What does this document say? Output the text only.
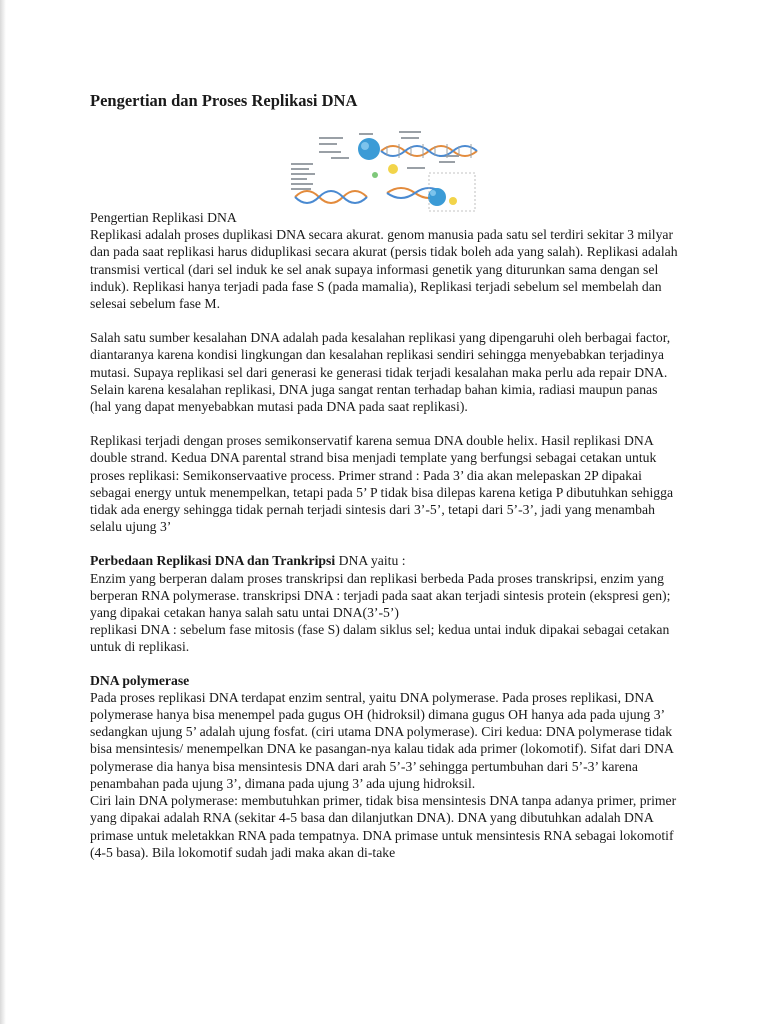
Pengertian dan Proses Replikasi DNA

Pengertian Replikasi DNA

Replikasi adalah proses duplikasi DNA secara akurat. genom manusia pada satu sel terdiri sekitar 3 milyar dan pada saat replikasi harus diduplikasi secara akurat (persis tidak boleh ada yang salah). Replikasi adalah transmisi vertical (dari sel induk ke sel anak supaya informasi genetik yang diturunkan sama dengan sel induk). Replikasi hanya terjadi pada fase S (pada mamalia), Replikasi terjadi sebelum sel membelah dan selesai sebelum fase M.

Salah satu sumber kesalahan DNA adalah pada kesalahan replikasi yang dipengaruhi oleh berbagai factor, diantaranya karena kondisi lingkungan dan kesalahan replikasi sendiri sehingga menyebabkan terjadinya mutasi. Supaya replikasi sel dari generasi ke generasi tidak terjadi kesalahan maka perlu ada repair DNA. Selain karena kesalahan replikasi, DNA juga sangat rentan terhadap bahan kimia, radiasi maupun panas (hal yang dapat menyebabkan mutasi pada DNA pada saat replikasi).

Replikasi terjadi dengan proses semikonservatif karena semua DNA double helix. Hasil replikasi DNA double strand. Kedua DNA parental strand bisa menjadi template yang berfungsi sebagai cetakan untuk proses replikasi: Semikonservaative process. Primer strand : Pada 3’ dia akan melepaskan 2P dipakai sebagai energy untuk menempelkan, tetapi pada 5’ P tidak bisa dilepas karena ketiga P dibutuhkan sehigga tidak ada energy sehingga tidak pernah terjadi sintesis dari 3’-5’, tetapi dari 5’-3’, jadi yang menambah selalu ujung 3’

Perbedaan Replikasi DNA dan Trankripsi DNA yaitu :

Enzim yang berperan dalam proses transkripsi dan replikasi berbeda Pada proses transkripsi, enzim yang berperan RNA polymerase. transkripsi DNA : terjadi pada saat akan terjadi sintesis protein (ekspresi gen); yang dipakai cetakan hanya salah satu untai DNA(3’-5’)

replikasi DNA : sebelum fase mitosis (fase S) dalam siklus sel; kedua untai induk dipakai sebagai cetakan untuk di replikasi.

DNA polymerase

Pada proses replikasi DNA terdapat enzim sentral, yaitu DNA polymerase. Pada proses replikasi, DNA polymerase hanya bisa menempel pada gugus OH (hidroksil) dimana gugus OH hanya ada pada ujung 3’ sedangkan ujung 5’ adalah ujung fosfat. (ciri utama DNA polymerase). Ciri kedua: DNA polymerase tidak bisa mensintesis/ menempelkan DNA ke pasangan-nya kalau tidak ada primer (lokomotif). Sifat dari DNA polymerase dia hanya bisa mensintesis DNA dari arah 5’-3’ sehingga pertumbuhan dari 5’-3’ karena penambahan pada ujung 3’, dimana pada ujung 3’ ada ujung hidroksil.

Ciri lain DNA polymerase: membutuhkan primer, tidak bisa mensintesis DNA tanpa adanya primer, primer yang dipakai adalah RNA (sekitar 4-5 basa dan dilanjutkan DNA). DNA yang dibutuhkan adalah DNA primase untuk meletakkan RNA pada tempatnya. DNA primase untuk mensintesis RNA sebagai lokomotif (4-5 basa). Bila lokomotif sudah jadi maka akan di-take
